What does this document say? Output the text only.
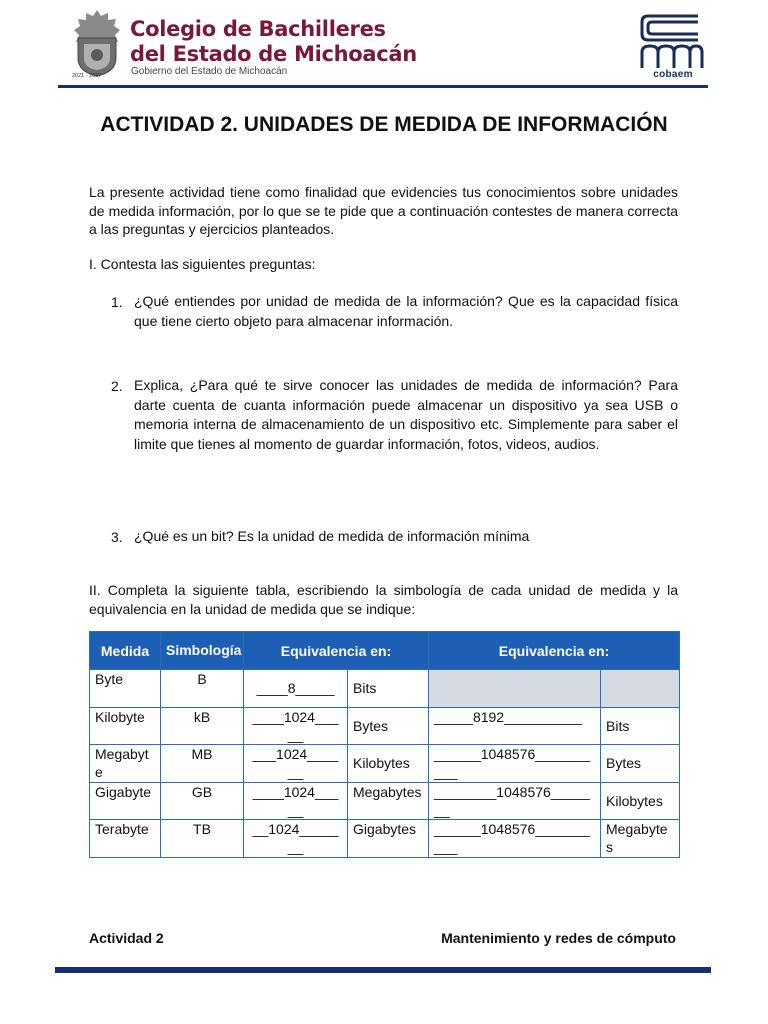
2021 - 2027
Colegio de Bachilleres
del Estado de Michoacán
Gobierno del Estado de Michoacán	cobaem
ACTIVIDAD 2. UNIDADES DE MEDIDA DE INFORMACIÓN
La presente actividad tiene como finalidad que evidencies tus conocimientos sobre unidades de medida información, por lo que se te pide que a continuación contestes de manera correcta a las preguntas y ejercicios planteados.
I. Contesta las siguientes preguntas:
1. ¿Qué entiendes por unidad de medida de la información? Que es la capacidad física que tiene cierto objeto para almacenar información.
2. Explica, ¿Para qué te sirve conocer las unidades de medida de información? Para darte cuenta de cuanta información puede almacenar un dispositivo ya sea USB o memoria interna de almacenamiento de un dispositivo etc. Simplemente para saber el limite que tienes al momento de guardar información, fotos, videos, audios.
3. ¿Qué es un bit? Es la unidad de medida de información mínima
II. Completa la siguiente tabla, escribiendo la simbología de cada unidad de medida y la equivalencia en la unidad de medida que se indique:
Medida	Simbología	Equivalencia en:		Equivalencia en:	
Byte	B	____8_____	Bits		
Kilobyte	kB	____1024_____	Bytes	_____8192__________	Bits
Megabyte	MB	___1024______	Kilobytes	______1048576__________	Bytes
Gigabyte	GB	____1024_____	Megabytes	________1048576_______	Kilobytes
Terabyte	TB	__1024_______	Gigabytes	______1048576__________	Megabytes
Actividad 2	Mantenimiento y redes de cómputo
